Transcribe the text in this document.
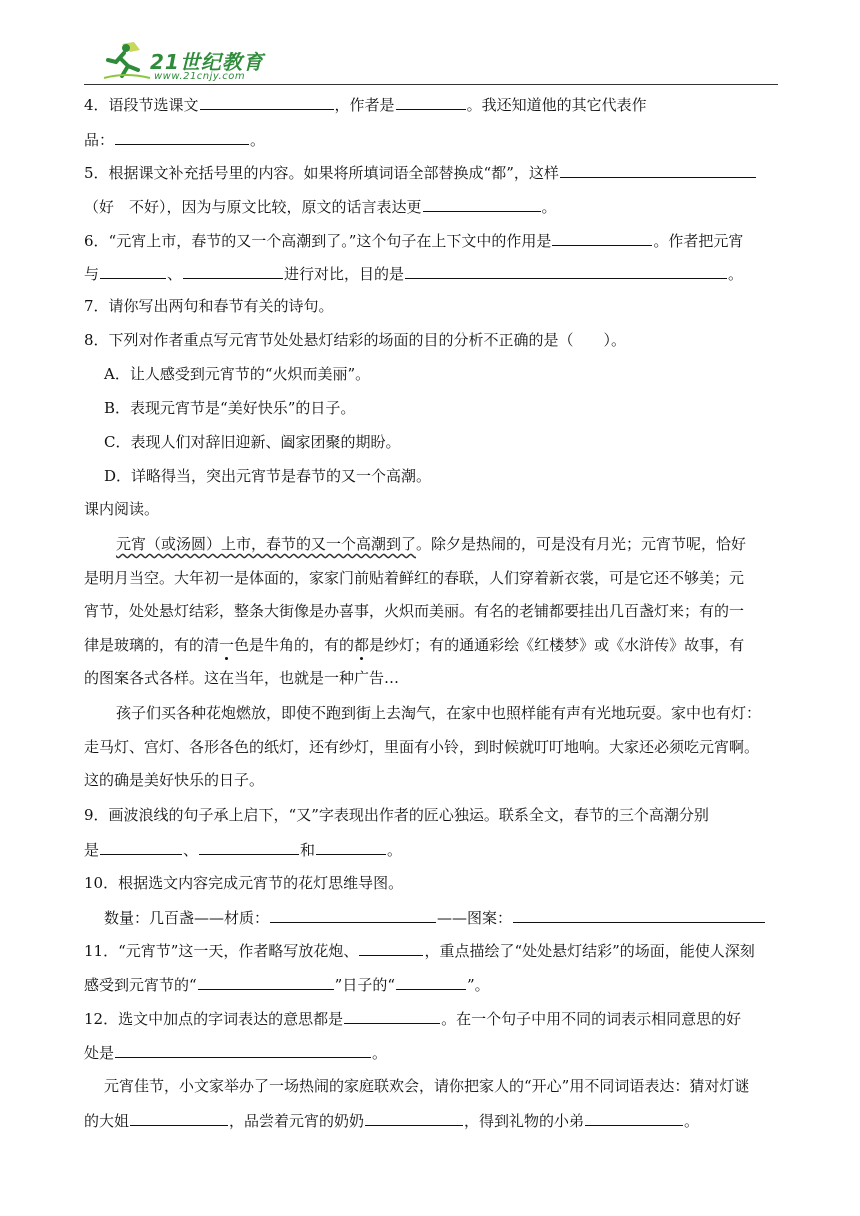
21世纪教育
www.21cnjy.com
4．语段节选课文	，作者是	。我还知道他的其它代表作
品：	。
5．根据课文补充括号里的内容。如果将所填词语全部替换成“都”，这样
（好　不好），因为与原文比较，原文的话言表达更	。
6．“元宵上市，春节的又一个高潮到了。”这个句子在上下文中的作用是	。作者把元宵
与	、	进行对比，目的是	。
7．请你写出两句和春节有关的诗句。
8．下列对作者重点写元宵节处处悬灯结彩的场面的目的分析不正确的是（　　）。
A．让人感受到元宵节的“火炽而美丽”。
B．表现元宵节是“美好快乐”的日子。
C．表现人们对辞旧迎新、阖家团聚的期盼。
D．详略得当，突出元宵节是春节的又一个高潮。
课内阅读。
元宵（或汤圆）上市，春节的又一个高潮到了。除夕是热闹的，可是没有月光；元宵节呢，恰好
是明月当空。大年初一是体面的，家家门前贴着鲜红的春联，人们穿着新衣裳，可是它还不够美；元
宵节，处处悬灯结彩，整条大街像是办喜事，火炽而美丽。有名的老铺都要挂出几百盏灯来；有的一
律是玻璃的，有的清一色是牛角的，有的都是纱灯；有的通通彩绘《红楼梦》或《水浒传》故事，有
的图案各式各样。这在当年，也就是一种广告…
孩子们买各种花炮燃放，即使不跑到街上去淘气，在家中也照样能有声有光地玩耍。家中也有灯：
走马灯、宫灯、各形各色的纸灯，还有纱灯，里面有小铃，到时候就叮叮地响。大家还必须吃元宵啊。
这的确是美好快乐的日子。
9．画波浪线的句子承上启下，“又”字表现出作者的匠心独运。联系全文，春节的三个高潮分别
是	、	和	。
10．根据选文内容完成元宵节的花灯思维导图。
数量：几百盏——材质：	——图案：
11．“元宵节”这一天，作者略写放花炮、	，重点描绘了“处处悬灯结彩”的场面，能使人深刻
感受到元宵节的“	”日子的“	”。
12．选文中加点的字词表达的意思都是	。在一个句子中用不同的词表示相同意思的好
处是	。
元宵佳节，小文家举办了一场热闹的家庭联欢会，请你把家人的“开心”用不同词语表达：猜对灯谜
的大姐	，品尝着元宵的奶奶	，得到礼物的小弟	。
